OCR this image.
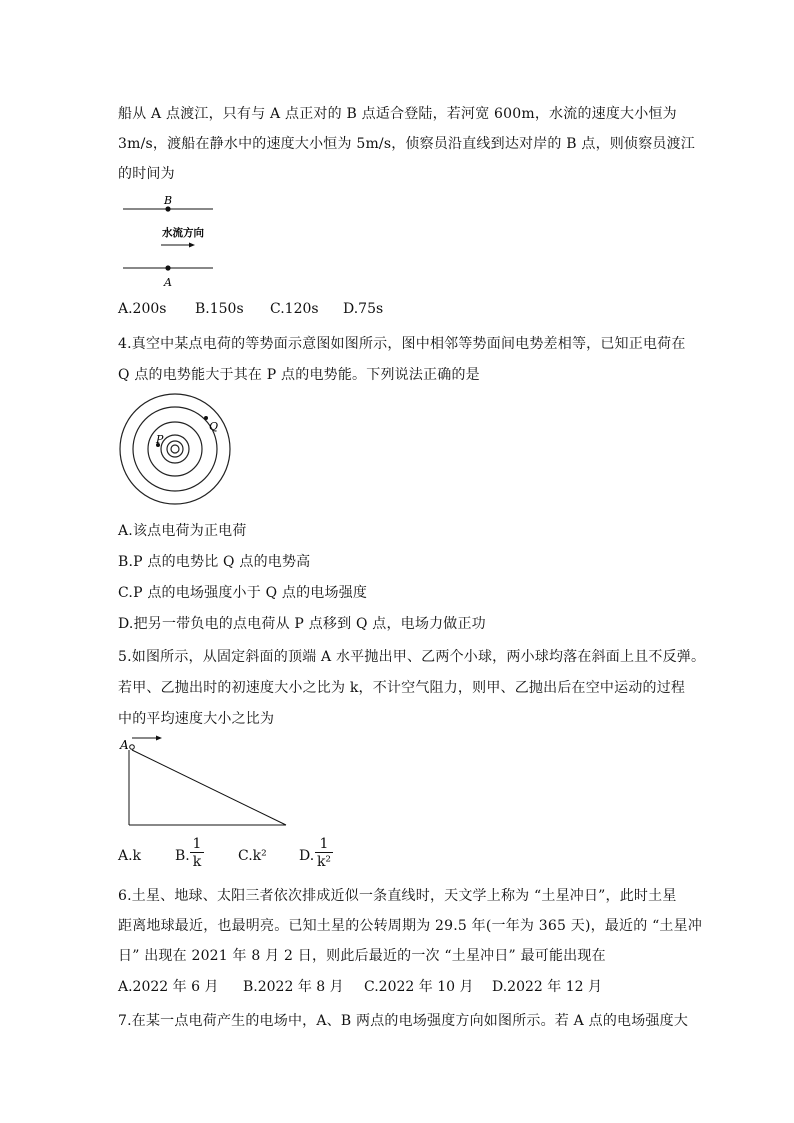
船从 A 点渡江，只有与 A 点正对的 B 点适合登陆，若河宽 600m，水流的速度大小恒为
3m/s，渡船在静水中的速度大小恒为 5m/s，侦察员沿直线到达对岸的 B 点，则侦察员渡江
的时间为
B
水流方向
A
A.200s B.150s C.120s D.75s
4.真空中某点电荷的等势面示意图如图所示，图中相邻等势面间电势差相等，已知正电荷在
Q 点的电势能大于其在 P 点的电势能。下列说法正确的是
P
Q
A.该点电荷为正电荷
B.P 点的电势比 Q 点的电势高
C.P 点的电场强度小于 Q 点的电场强度
D.把另一带负电的点电荷从 P 点移到 Q 点，电场力做正功
5.如图所示，从固定斜面的顶端 A 水平抛出甲、乙两个小球，两小球均落在斜面上且不反弹。
若甲、乙抛出时的初速度大小之比为 k，不计空气阻力，则甲、乙抛出后在空中运动的过程
中的平均速度大小之比为
A
A.k B. $\frac{1}{k} C.k^2$ D. $\frac{1}{\text{k²}}$
6.土星、地球、太阳三者依次排成近似一条直线时，天文学上称为 “土星冲日”，此时土星
距离地球最近，也最明亮。已知土星的公转周期为 29.5 年(一年为 365 天)，最近的 “土星冲
日” 出现在 2021 年 8 月 2 日，则此后最近的一次 “土星冲日” 最可能出现在
A.2022 年 6 月 B.2022 年 8 月 C.2022 年 10 月 D.2022 年 12 月
7.在某一点电荷产生的电场中，A、B 两点的电场强度方向如图所示。若 A 点的电场强度大
